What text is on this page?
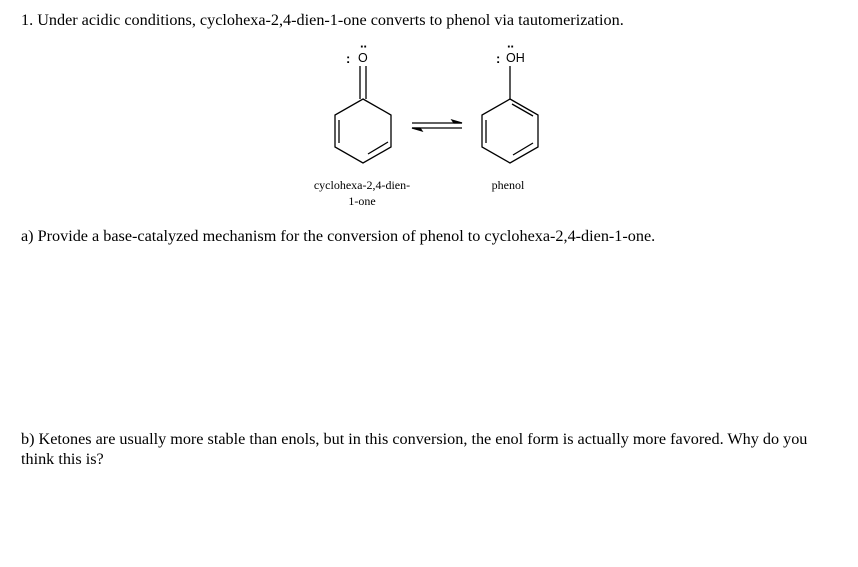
1. Under acidic conditions, cyclohexa-2,4-dien-1-one converts to phenol via tautomerization.
:
··
O	:
··
OH
cyclohexa-2,4-dien-
1-one
phenol
a) Provide a base-catalyzed mechanism for the conversion of phenol to cyclohexa-2,4-dien-1-one.
b) Ketones are usually more stable than enols, but in this conversion, the enol form is actually more favored. Why do you think this is?
